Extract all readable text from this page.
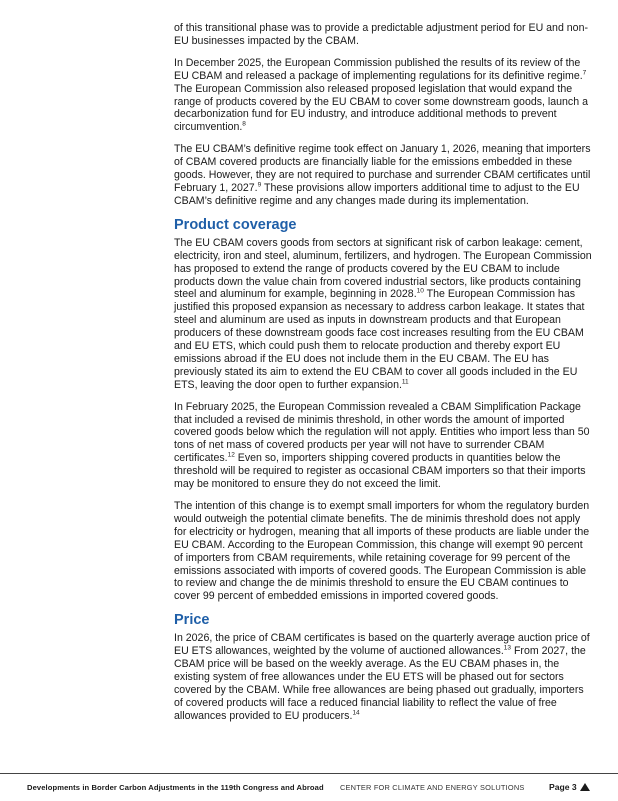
of this transitional phase was to provide a predictable adjustment period for EU and non-EU businesses impacted by the CBAM.

In December 2025, the European Commission published the results of its review of the EU CBAM and released a package of implementing regulations for its definitive regime.$^7$ The European Commission also released proposed legislation that would expand the range of products covered by the EU CBAM to cover some downstream goods, launch a decarbonization fund for EU industry, and introduce additional methods to prevent circumvention.$^8$

The EU CBAM’s definitive regime took effect on January 1, 2026, meaning that importers of CBAM covered products are financially liable for the emissions embedded in these goods. However, they are not required to purchase and surrender CBAM certificates until February 1, 2027.$^9$ These provisions allow importers additional time to adjust to the EU CBAM’s definitive regime and any changes made during its implementation.

Product coverage

The EU CBAM covers goods from sectors at significant risk of carbon leakage: cement, electricity, iron and steel, aluminum, fertilizers, and hydrogen. The European Commission has proposed to extend the range of products covered by the EU CBAM to include products down the value chain from covered industrial sectors, like products containing steel and aluminum for example, beginning in 2028.10 The European Commission has justified this proposed expansion as necessary to address carbon leakage. It states that steel and aluminum are used as inputs in downstream products and that European producers of these downstream goods face cost increases resulting from the EU CBAM and EU ETS, which could push them to relocate production and thereby export EU emissions abroad if the EU does not include them in the EU CBAM. The EU has previously stated its aim to extend the EU CBAM to cover all goods included in the EU ETS, leaving the door open to further expansion.$^{11}$

In February 2025, the European Commission revealed a CBAM Simplification Package that included a revised de minimis threshold, in other words the amount of imported covered goods below which the regulation will not apply. Entities who import less than 50 tons of net mass of covered products per year will not have to surrender CBAM certificates.$^{12}$ Even so, importers shipping covered products in quantities below the threshold will be required to register as occasional CBAM importers so that their imports may be monitored to ensure they do not exceed the limit.

The intention of this change is to exempt small importers for whom the regulatory burden would outweigh the potential climate benefits. The de minimis threshold does not apply for electricity or hydrogen, meaning that all imports of these products are liable under the EU CBAM. According to the European Commission, this change will exempt 90 percent of importers from CBAM requirements, while retaining coverage for 99 percent of the emissions associated with imports of covered goods. The European Commission is able to review and change the de minimis threshold to ensure the EU CBAM continues to cover 99 percent of embedded emissions in imported covered goods.

Price

In 2026, the price of CBAM certificates is based on the quarterly average auction price of EU ETS allowances, weighted by the volume of auctioned allowances.$^{13}$ From 2027, the CBAM price will be based on the weekly average. As the EU CBAM phases in, the existing system of free allowances under the EU ETS will be phased out for sectors covered by the CBAM. While free allowances are being phased out gradually, importers of covered products will face a reduced financial liability to reflect the value of free allowances provided to EU producers.$^{14}$

Developments in Border Carbon Adjustments in the 119th Congress and Abroad CENTER FOR CLIMATE AND ENERGY SOLUTIONS	Page 3
